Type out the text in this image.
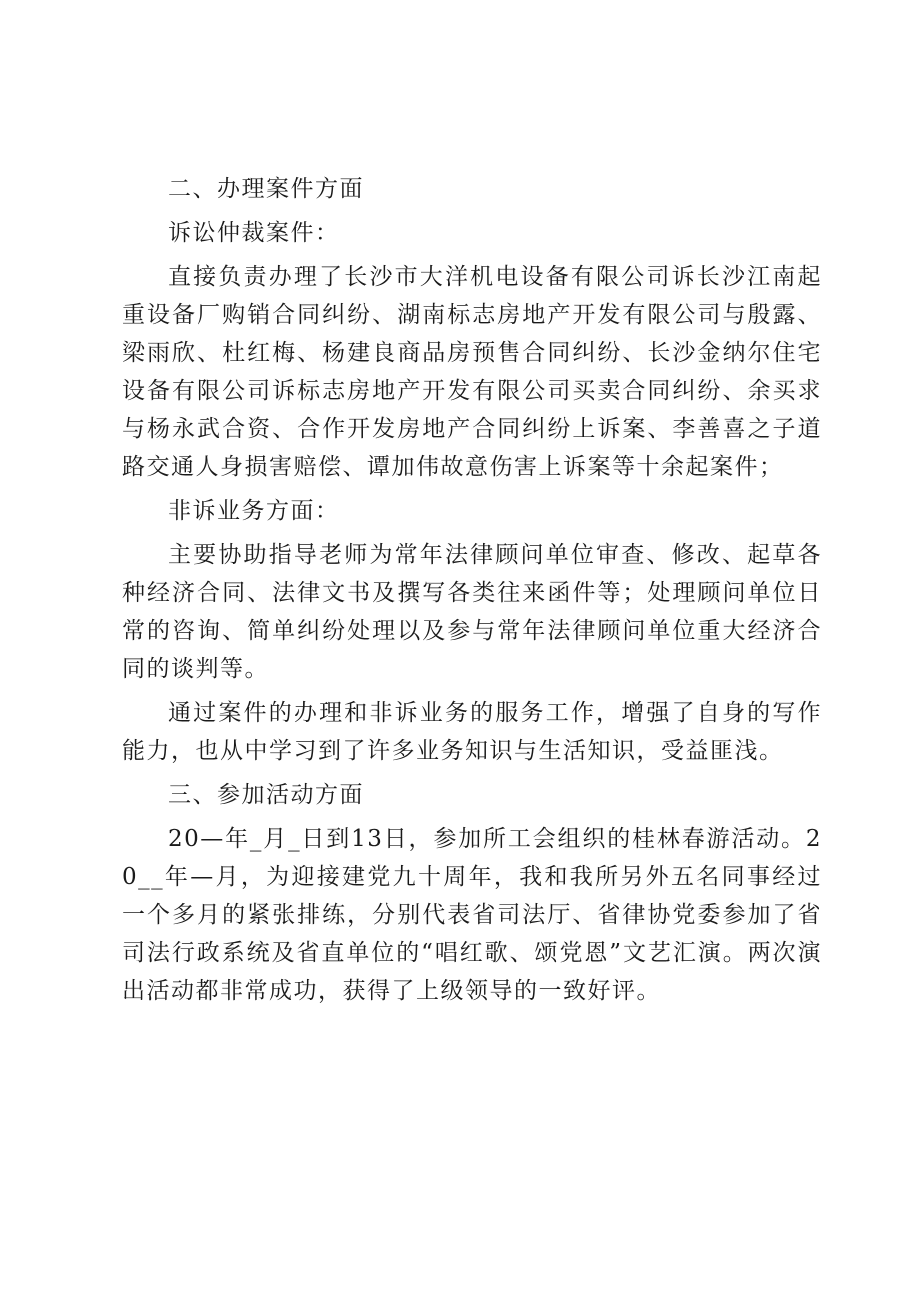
二、办理案件方面

诉讼仲裁案件：

直接负责办理了长沙市大洋机电设备有限公司诉长沙江南起重设备厂购销合同纠纷、湖南标志房地产开发有限公司与殷露、梁雨欣、杜红梅、杨建良商品房预售合同纠纷、长沙金纳尔住宅设备有限公司诉标志房地产开发有限公司买卖合同纠纷、余买求与杨永武合资、合作开发房地产合同纠纷上诉案、李善喜之子道路交通人身损害赔偿、谭加伟故意伤害上诉案等十余起案件；

非诉业务方面：

主要协助指导老师为常年法律顾问单位审查、修改、起草各种经济合同、法律文书及撰写各类往来函件等；处理顾问单位日常的咨询、简单纠纷处理以及参与常年法律顾问单位重大经济合同的谈判等。

通过案件的办理和非诉业务的服务工作，增强了自身的写作能力，也从中学习到了许多业务知识与生活知识，受益匪浅。

三、参加活动方面

20—年_月_日到13日，参加所工会组织的桂林春游活动。20__年—月，为迎接建党九十周年，我和我所另外五名同事经过一个多月的紧张排练，分别代表省司法厅、省律协党委参加了省司法行政系统及省直单位的“唱红歌、颂党恩”文艺汇演。两次演出活动都非常成功，获得了上级领导的一致好评。
